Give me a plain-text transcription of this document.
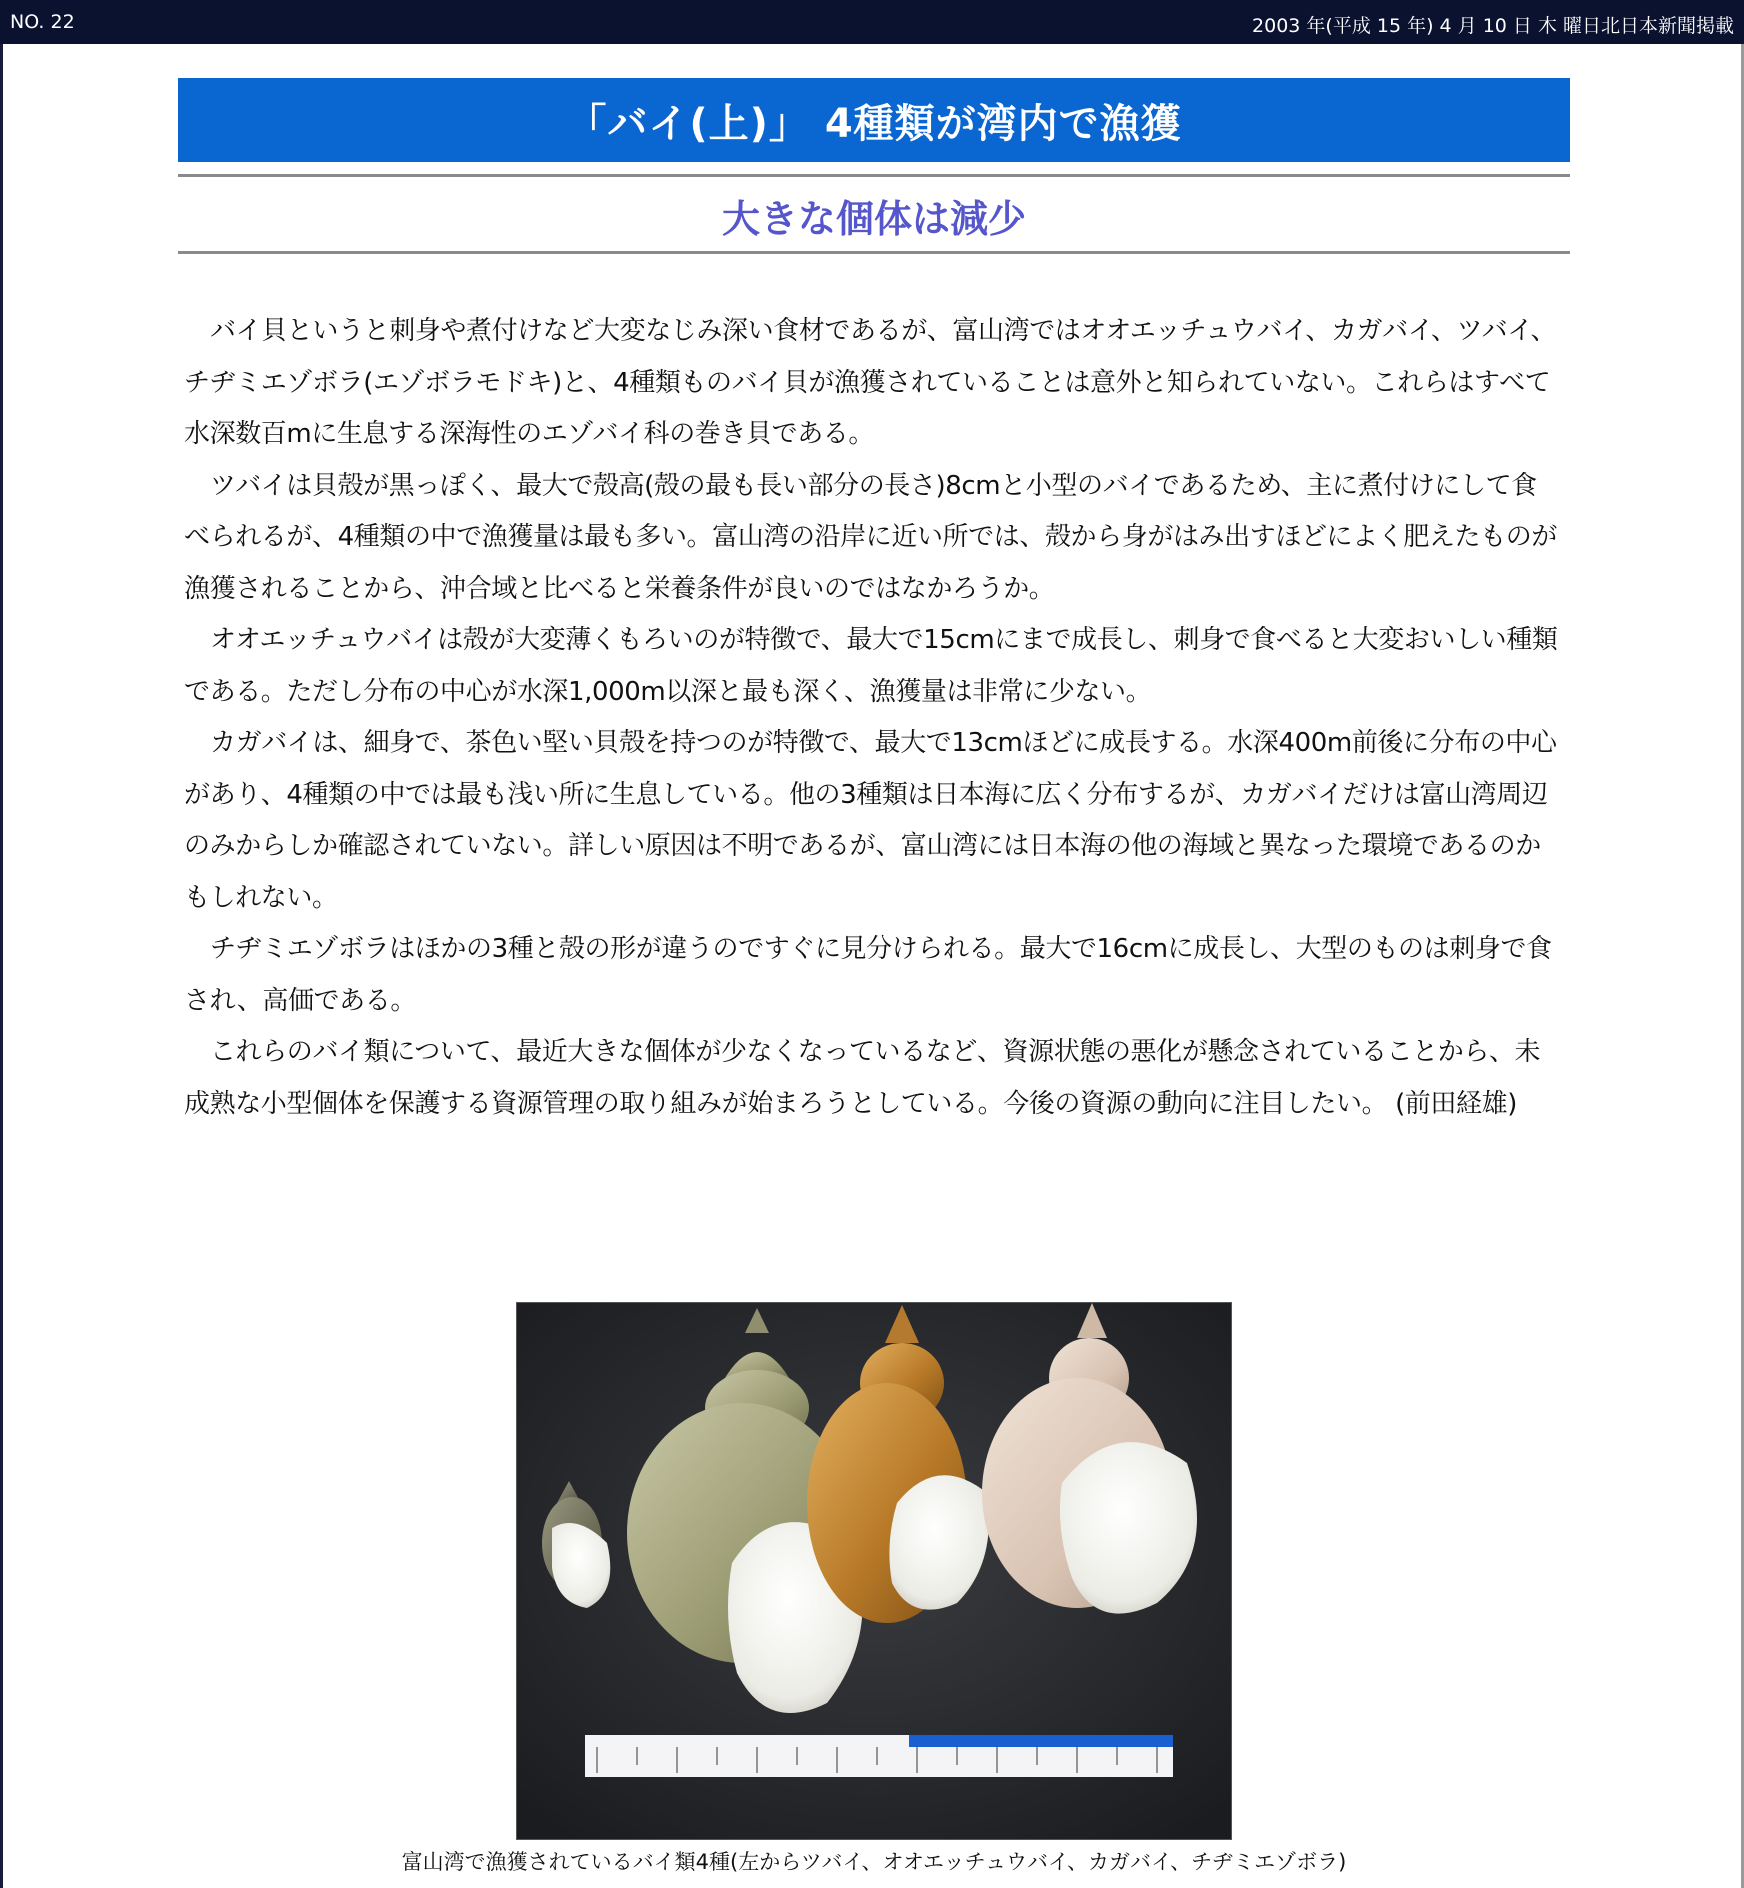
NO. 22	2003 年(平成 15 年) 4 月 10 日 木 曜日北日本新聞掲載
「バイ(上)」 4種類が湾内で漁獲
大きな個体は減少

バイ貝というと刺身や煮付けなど大変なじみ深い食材であるが、富山湾ではオオエッチュウバイ、カガバイ、ツバイ、チヂミエゾボラ(エゾボラモドキ)と、4種類ものバイ貝が漁獲されていることは意外と知られていない。これらはすべて水深数百mに生息する深海性のエゾバイ科の巻き貝である。

ツバイは貝殻が黒っぽく、最大で殻高(殻の最も長い部分の長さ)8cmと小型のバイであるため、主に煮付けにして食べられるが、4種類の中で漁獲量は最も多い。富山湾の沿岸に近い所では、殻から身がはみ出すほどによく肥えたものが漁獲されることから、沖合域と比べると栄養条件が良いのではなかろうか。

オオエッチュウバイは殻が大変薄くもろいのが特徴で、最大で15cmにまで成長し、刺身で食べると大変おいしい種類である。ただし分布の中心が水深1,000m以深と最も深く、漁獲量は非常に少ない。

カガバイは、細身で、茶色い堅い貝殻を持つのが特徴で、最大で13cmほどに成長する。水深400m前後に分布の中心があり、4種類の中では最も浅い所に生息している。他の3種類は日本海に広く分布するが、カガバイだけは富山湾周辺のみからしか確認されていない。詳しい原因は不明であるが、富山湾には日本海の他の海域と異なった環境であるのかもしれない。

チヂミエゾボラはほかの3種と殻の形が違うのですぐに見分けられる。最大で16cmに成長し、大型のものは刺身で食され、高価である。

これらのバイ類について、最近大きな個体が少なくなっているなど、資源状態の悪化が懸念されていることから、未成熟な小型個体を保護する資源管理の取り組みが始まろうとしている。今後の資源の動向に注目したい。 (前田経雄)

富山湾で漁獲されているバイ類4種(左からツバイ、オオエッチュウバイ、カガバイ、チヂミエゾボラ)
